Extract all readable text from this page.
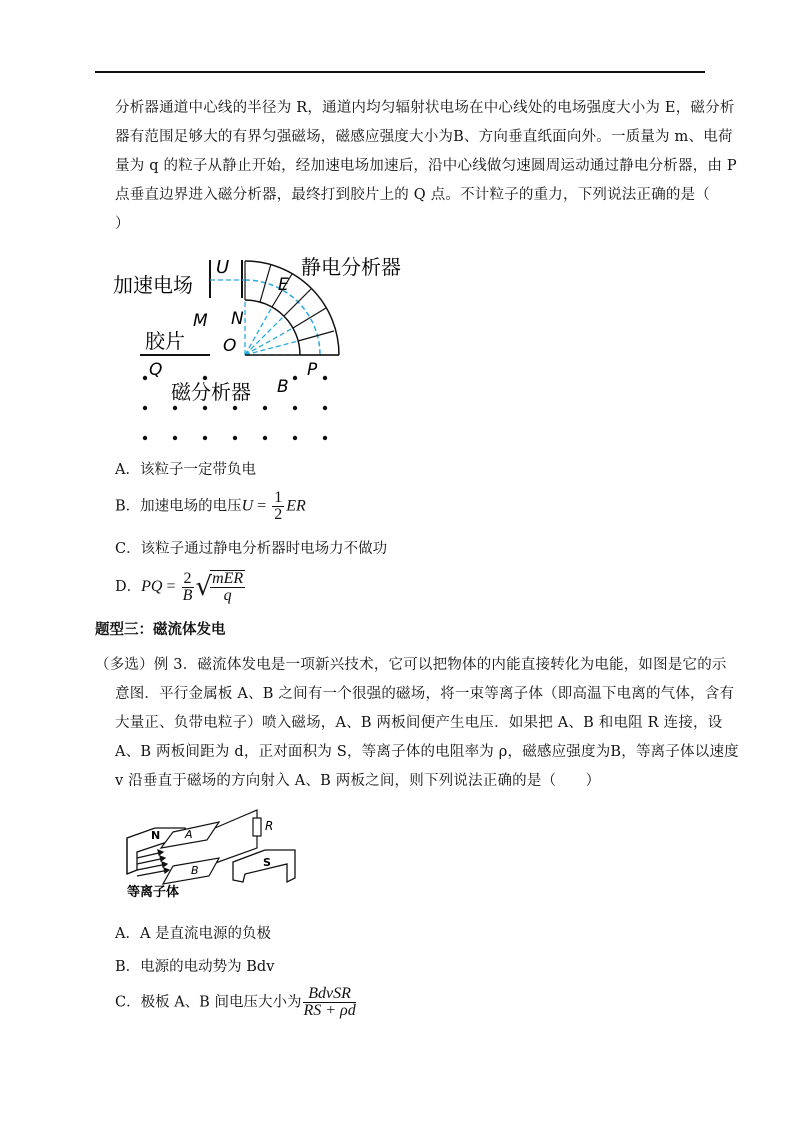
分析器通道中心线的半径为 R，通道内均匀辐射状电场在中心线处的电场强度大小为 E，磁分析
器有范围足够大的有界匀强磁场，磁感应强度大小为B、方向垂直纸面向外。一质量为 m、电荷
量为 q 的粒子从静止开始，经加速电场加速后，沿中心线做匀速圆周运动通过静电分析器，由 P
点垂直边界进入磁分析器，最终打到胶片上的 Q 点。不计粒子的重力，下列说法正确的是（
）
加速电场
U	静电分析器
E
M N
胶片 O
Q	P
B
磁分析器
A．该粒子一定带负电
B．加速电场的电压$U = \frac{1}{2}$ ER
C．该粒子通过静电分析器时电场力不做功
D．PQ = $\frac{2}{B}$ √
$\frac{\text{mER}}{q}$
题型三：磁流体发电
（多选）例 3．磁流体发电是一项新兴技术，它可以把物体的内能直接转化为电能，如图是它的示
意图．平行金属板 A、B 之间有一个很强的磁场，将一束等离子体（即高温下电离的气体，含有
大量正、负带电粒子）喷入磁场，A、B 两板间便产生电压．如果把 A、B 和电阻 R 连接，设
A、B 两板间距为 d，正对面积为 S，等离子体的电阻率为 ρ，磁感应强度为B，等离子体以速度
v 沿垂直于磁场的方向射入 A、B 两板之间，则下列说法正确的是（　　）
N A
R
S
B
等离子体
A．A 是直流电源的负极
B．电源的电动势为 Bdv
C．极板 A、B 间电压大小为 $\frac{\text{BdvSR}}{RS + \rho d}$
